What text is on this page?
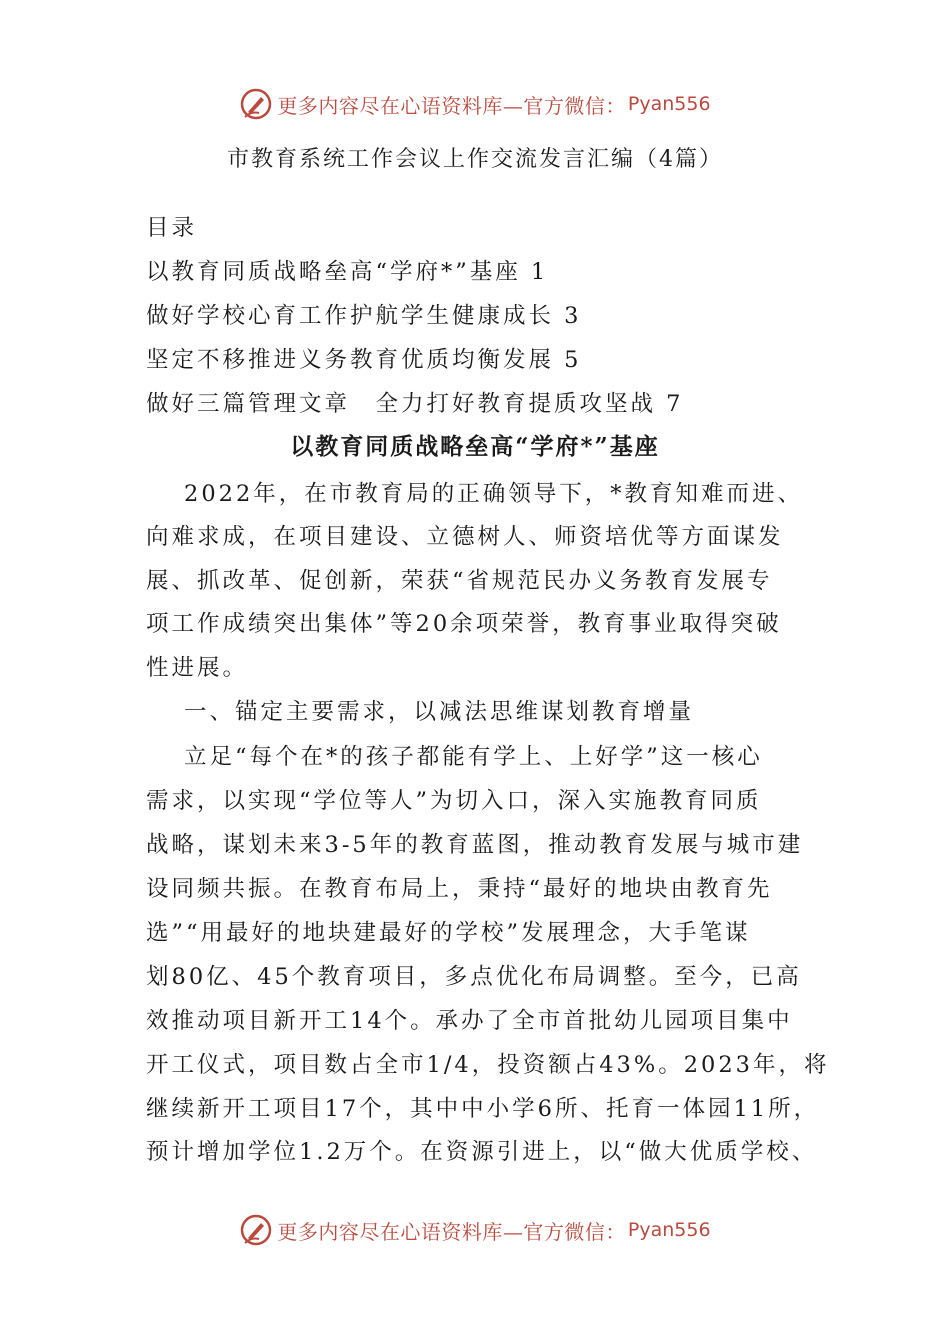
更多内容尽在心语资料库—官方微信： Pyan556
市教育系统工作会议上作交流发言汇编（4篇）
目录
以教育同质战略垒高“学府*”基座 1
做好学校心育工作护航学生健康成长 3
坚定不移推进义务教育优质均衡发展 5
做好三篇管理文章　全力打好教育提质攻坚战 7
以教育同质战略垒高“学府*”基座
2022年，在市教育局的正确领导下，*教育知难而进、
向难求成，在项目建设、立德树人、师资培优等方面谋发
展、抓改革、促创新，荣获“省规范民办义务教育发展专
项工作成绩突出集体”等20余项荣誉，教育事业取得突破
性进展。
一、锚定主要需求，以减法思维谋划教育增量
立足“每个在*的孩子都能有学上、上好学”这一核心
需求，以实现“学位等人”为切入口，深入实施教育同质
战略，谋划未来3-5年的教育蓝图，推动教育发展与城市建
设同频共振。在教育布局上，秉持“最好的地块由教育先
选”“用最好的地块建最好的学校”发展理念，大手笔谋
划80亿、45个教育项目，多点优化布局调整。至今，已高
效推动项目新开工14个。承办了全市首批幼儿园项目集中
开工仪式，项目数占全市1/4，投资额占43%。2023年，将
继续新开工项目17个，其中中小学6所、托育一体园11所，
预计增加学位1.2万个。在资源引进上，以“做大优质学校、
更多内容尽在心语资料库—官方微信： Pyan556
